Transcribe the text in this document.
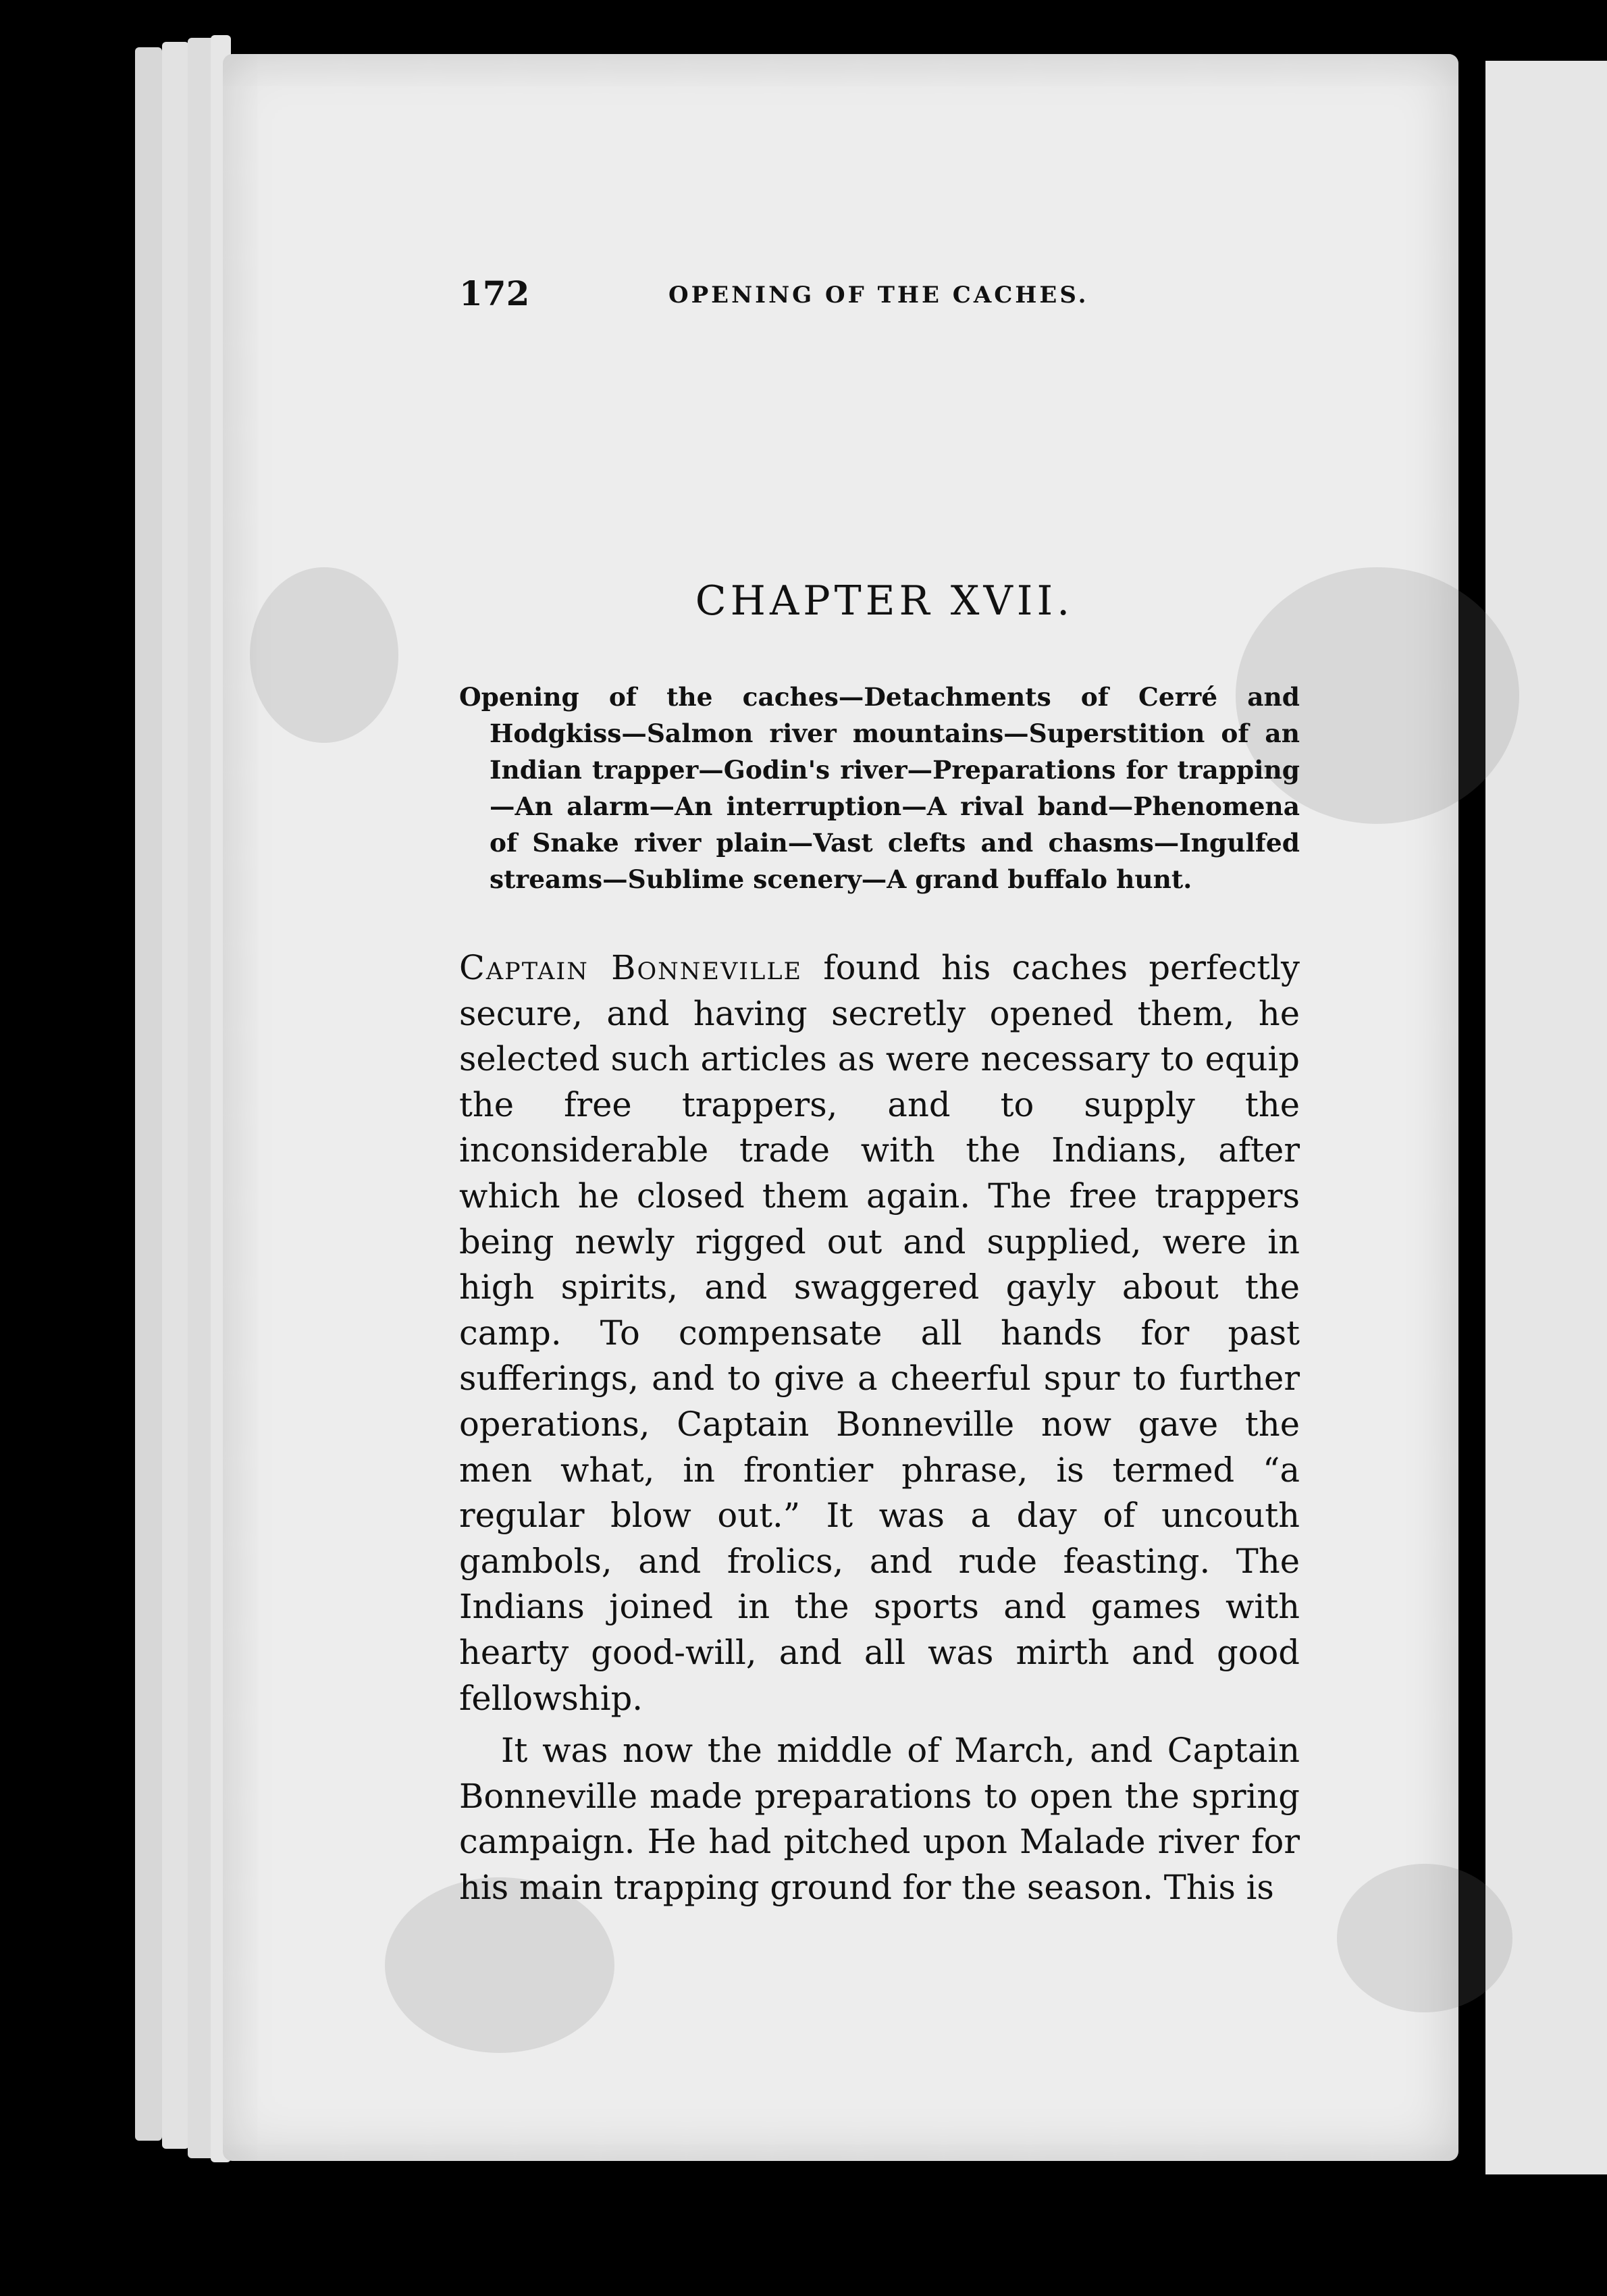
172	OPENING OF THE CACHES.
CHAPTER XVII.
Opening of the caches—Detachments of Cerré and Hodgkiss—Salmon river mountains—Superstition of an Indian trapper—Godin's river—Preparations for trapping—An alarm—An interruption—A rival band—Phenomena of Snake river plain—Vast clefts and chasms—Ingulfed streams—Sublime scenery—A grand buffalo hunt.

Captain Bonneville found his caches perfectly secure, and having secretly opened them, he selected such articles as were necessary to equip the free trappers, and to supply the inconsiderable trade with the Indians, after which he closed them again. The free trappers being newly rigged out and supplied, were in high spirits, and swaggered gayly about the camp. To compensate all hands for past sufferings, and to give a cheerful spur to further operations, Captain Bonneville now gave the men what, in frontier phrase, is termed “a regular blow out.” It was a day of uncouth gambols, and frolics, and rude feasting. The Indians joined in the sports and games with hearty good-will, and all was mirth and good fellowship.

It was now the middle of March, and Captain Bonneville made preparations to open the spring campaign. He had pitched upon Malade river for his main trapping ground for the season. This is
